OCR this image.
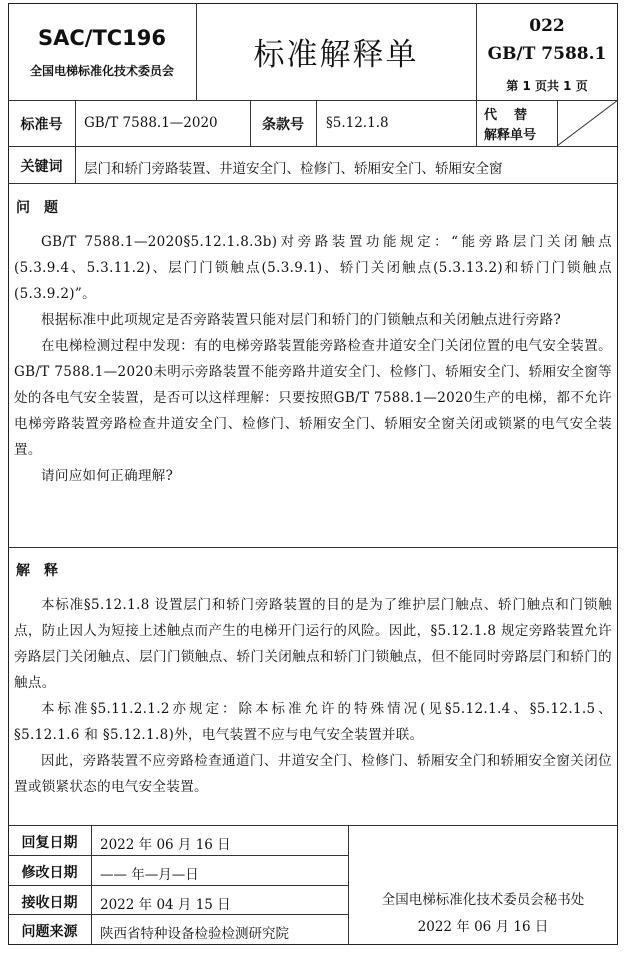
SAC/TC196
全国电梯标准化技术委员会	标准解释单
022
GB/T 7588.1
第 1 页共 1 页
标准号	GB/T 7588.1—2020	条款号	§5.12.1.8	代　替
解释单号
关键词	层门和轿门旁路装置、井道安全门、检修门、轿厢安全门、轿厢安全窗
问　题

GB/T 7588.1—2020§5.12.1.8.3b)对旁路装置功能规定：“能旁路层门关闭触点(5.3.9.4、5.3.11.2)、层门门锁触点(5.3.9.1)、轿门关闭触点(5.3.13.2)和轿门门锁触点(5.3.9.2)”。

根据标准中此项规定是否旁路装置只能对层门和轿门的门锁触点和关闭触点进行旁路?

在电梯检测过程中发现：有的电梯旁路装置能旁路检查井道安全门关闭位置的电气安全装置。GB/T 7588.1—2020未明示旁路装置不能旁路井道安全门、检修门、轿厢安全门、轿厢安全窗等处的各电气安全装置，是否可以这样理解：只要按照GB/T 7588.1—2020生产的电梯，都不允许电梯旁路装置旁路检查井道安全门、检修门、轿厢安全门、轿厢安全窗关闭或锁紧的电气安全装置。

请问应如何正确理解?

解　释

本标准§5.12.1.8 设置层门和轿门旁路装置的目的是为了维护层门触点、轿门触点和门锁触点，防止因人为短接上述触点而产生的电梯开门运行的风险。因此，§5.12.1.8 规定旁路装置允许旁路层门关闭触点、层门门锁触点、轿门关闭触点和轿门门锁触点，但不能同时旁路层门和轿门的触点。

本标准§5.11.2.1.2亦规定：除本标准允许的特殊情况(见§5.12.1.4、§5.12.1.5、§5.12.1.6 和 §5.12.1.8)外，电气装置不应与电气安全装置并联。

因此，旁路装置不应旁路检查通道门、井道安全门、检修门、轿厢安全门和轿厢安全窗关闭位置或锁紧状态的电气安全装置。

回复日期	2022 年 06 月 16 日
修改日期	—— 年—月—日
接收日期	2022 年 04 月 15 日
问题来源	陕西省特种设备检验检测研究院
全国电梯标准化技术委员会秘书处
2022 年 06 月 16 日
